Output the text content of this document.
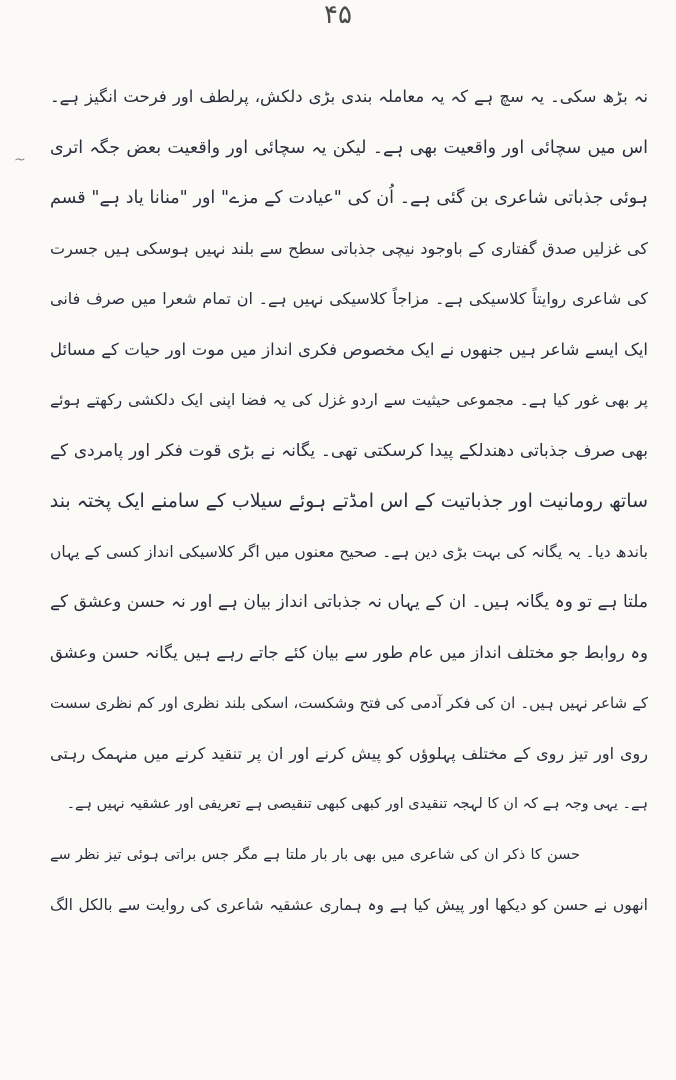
۴۵
~
نہ بڑھ سکی۔ یہ سچ ہے کہ یہ معاملہ بندی بڑی دلکش، پرلطف اور فرحت انگیز ہے۔
اس میں سچائی اور واقعیت بھی ہے۔ لیکن یہ سچائی اور واقعیت بعض جگہ اتری
ہوئی جذباتی شاعری بن گئی ہے۔ اُن کی "عیادت کے مزے" اور "منانا یاد ہے" قسم
کی غزلیں صدق گفتاری کے باوجود نیچی جذباتی سطح سے بلند نہیں ہوسکی ہیں جسرت
کی شاعری روایتاً کلاسیکی ہے۔ مزاجاً کلاسیکی نہیں ہے۔ ان تمام شعرا میں صرف فانی
ایک ایسے شاعر ہیں جنھوں نے ایک مخصوص فکری انداز میں موت اور حیات کے مسائل
پر بھی غور کیا ہے۔ مجموعی حیثیت سے اردو غزل کی یہ فضا اپنی ایک دلکشی رکھتے ہوئے
بھی صرف جذباتی دھندلکے پیدا کرسکتی تھی۔ یگانہ نے بڑی قوت فکر اور پامردی کے
ساتھ رومانیت اور جذباتیت کے اس امڈتے ہوئے سیلاب کے سامنے ایک پختہ بند
باندھ دیا۔ یہ یگانہ کی بہت بڑی دین ہے۔ صحیح معنوں میں اگر کلاسیکی انداز کسی کے یہاں
ملتا ہے تو وہ یگانہ ہیں۔ ان کے یہاں نہ جذباتی انداز بیان ہے اور نہ حسن وعشق کے
وہ روابط جو مختلف انداز میں عام طور سے بیان کئے جاتے رہے ہیں یگانہ حسن وعشق
کے شاعر نہیں ہیں۔ ان کی فکر آدمی کی فتح وشکست، اسکی بلند نظری اور کم نظری سست
روی اور تیز روی کے مختلف پہلوؤں کو پیش کرنے اور ان پر تنقید کرنے میں منہمک رہتی
ہے۔ یہی وجہ ہے کہ ان کا لہجہ تنقیدی اور کبھی کبھی تنقیصی ہے تعریفی اور عشقیہ نہیں ہے۔
حسن کا ذکر ان کی شاعری میں بھی بار بار ملتا ہے مگر جس براتی ہوئی تیز نظر سے
انھوں نے حسن کو دیکھا اور پیش کیا ہے وہ ہماری عشقیہ شاعری کی روایت سے بالکل الگ
